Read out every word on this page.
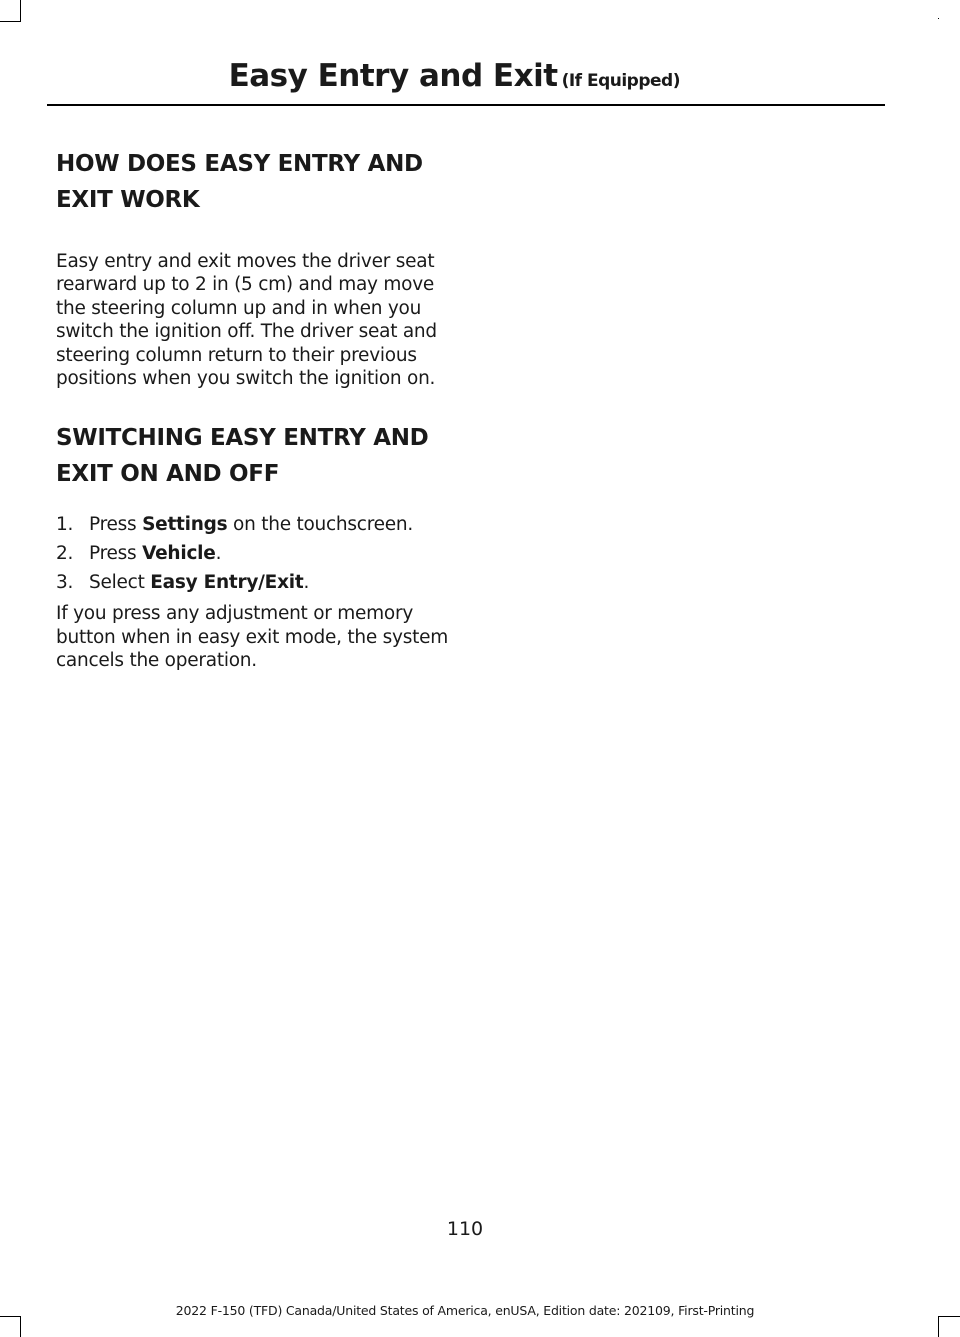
Easy Entry and Exit (If Equipped)
HOW DOES EASY ENTRY AND
EXIT WORK

Easy entry and exit moves the driver seat rearward up to 2 in (5 cm) and may move the steering column up and in when you switch the ignition off. The driver seat and steering column return to their previous positions when you switch the ignition on.

SWITCHING EASY ENTRY AND
EXIT ON AND OFF
1. Press Settings on the touchscreen.
2. Press Vehicle.
3. Select Easy Entry/Exit.

If you press any adjustment or memory button when in easy exit mode, the system cancels the operation.

110
2022 F-150 (TFD) Canada/United States of America, enUSA, Edition date: 202109, First-Printing
